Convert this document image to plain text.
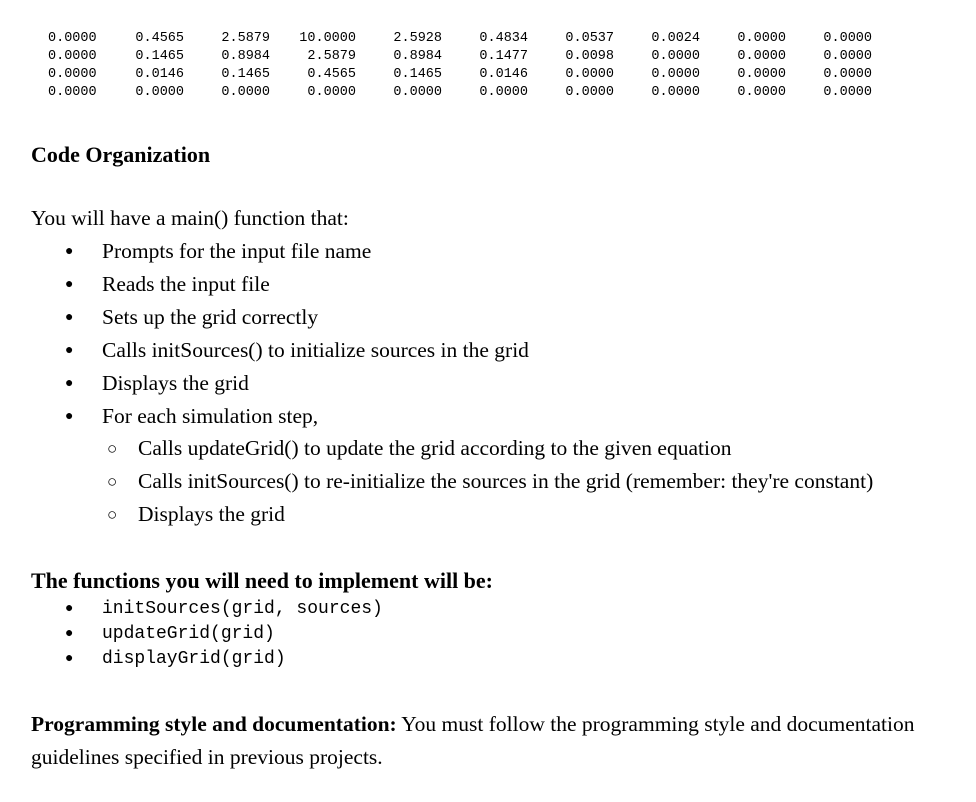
0.0000	0.4565	2.5879 10.0000	2.5928	0.4834	0.0537	0.0024	0.0000	0.0000
0.0000	0.1465	0.8984	2.5879	0.8984	0.1477	0.0098	0.0000	0.0000	0.0000
0.0000	0.0146	0.1465	0.4565	0.1465	0.0146	0.0000	0.0000	0.0000	0.0000
0.0000	0.0000	0.0000	0.0000	0.0000	0.0000	0.0000	0.0000	0.0000	0.0000
Code Organization
You will have a main() function that:
● Prompts for the input file name
● Reads the input file
● Sets up the grid correctly
● Calls initSources() to initialize sources in the grid
● Displays the grid
● For each simulation step,
○ Calls updateGrid() to update the grid according to the given equation
○ Calls initSources() to re-initialize the sources in the grid (remember: they're constant)
○ Displays the grid
The functions you will need to implement will be:
● initSources(grid, sources)
● updateGrid(grid)
● displayGrid(grid)
Programming style and documentation: You must follow the programming style and documentation guidelines specified in previous projects.
